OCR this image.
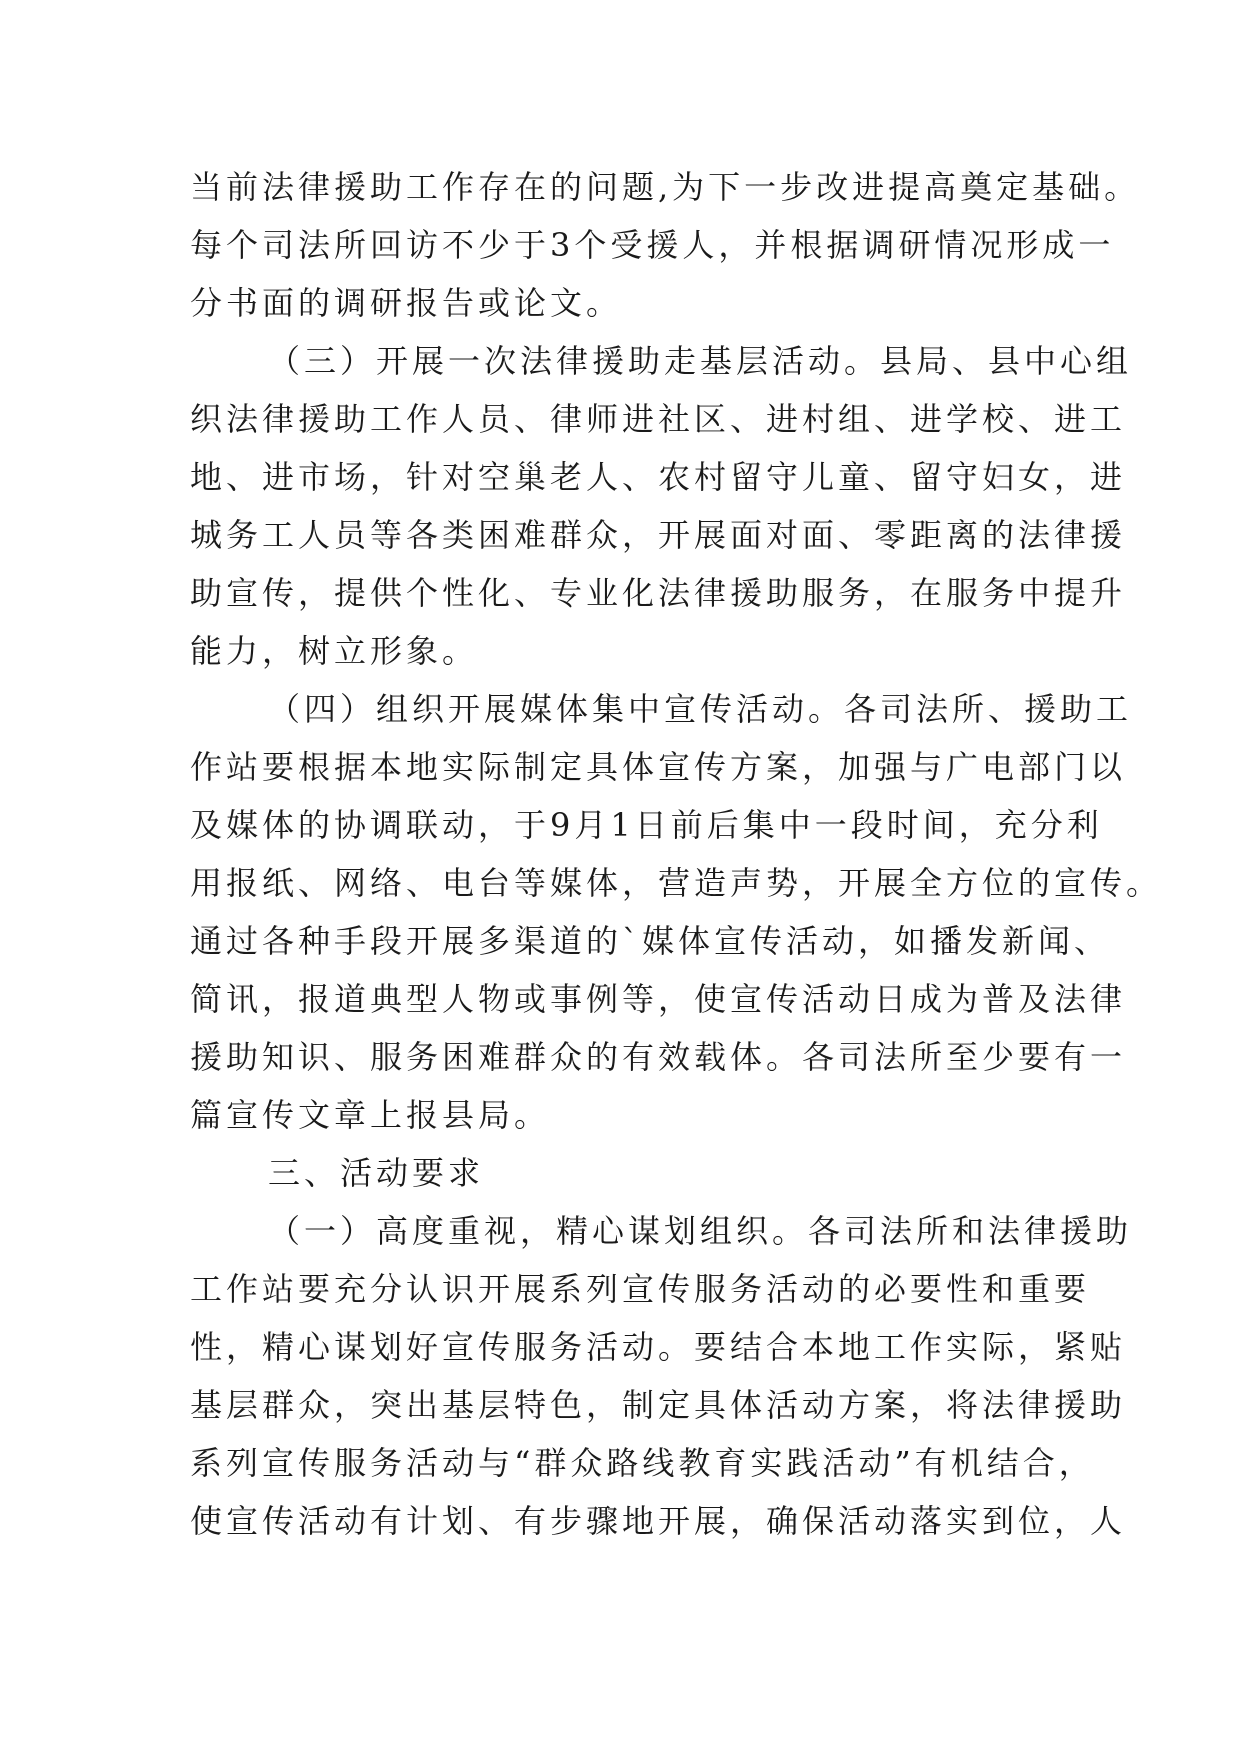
当前法律援助工作存在的问题,为下一步改进提高奠定基础。
每个司法所回访不少于3个受援人，并根据调研情况形成一
分书面的调研报告或论文。
（三）开展一次法律援助走基层活动。县局、县中心组
织法律援助工作人员、律师进社区、进村组、进学校、进工
地、进市场，针对空巢老人、农村留守儿童、留守妇女，进
城务工人员等各类困难群众，开展面对面、零距离的法律援
助宣传，提供个性化、专业化法律援助服务，在服务中提升
能力，树立形象。
（四）组织开展媒体集中宣传活动。各司法所、援助工
作站要根据本地实际制定具体宣传方案，加强与广电部门以
及媒体的协调联动，于9月1日前后集中一段时间，充分利
用报纸、网络、电台等媒体，营造声势，开展全方位的宣传。
通过各种手段开展多渠道的`媒体宣传活动，如播发新闻、
简讯，报道典型人物或事例等，使宣传活动日成为普及法律
援助知识、服务困难群众的有效载体。各司法所至少要有一
篇宣传文章上报县局。
三、活动要求
（一）高度重视，精心谋划组织。各司法所和法律援助
工作站要充分认识开展系列宣传服务活动的必要性和重要
性，精心谋划好宣传服务活动。要结合本地工作实际，紧贴
基层群众，突出基层特色，制定具体活动方案，将法律援助
系列宣传服务活动与“群众路线教育实践活动”有机结合，
使宣传活动有计划、有步骤地开展，确保活动落实到位，人
